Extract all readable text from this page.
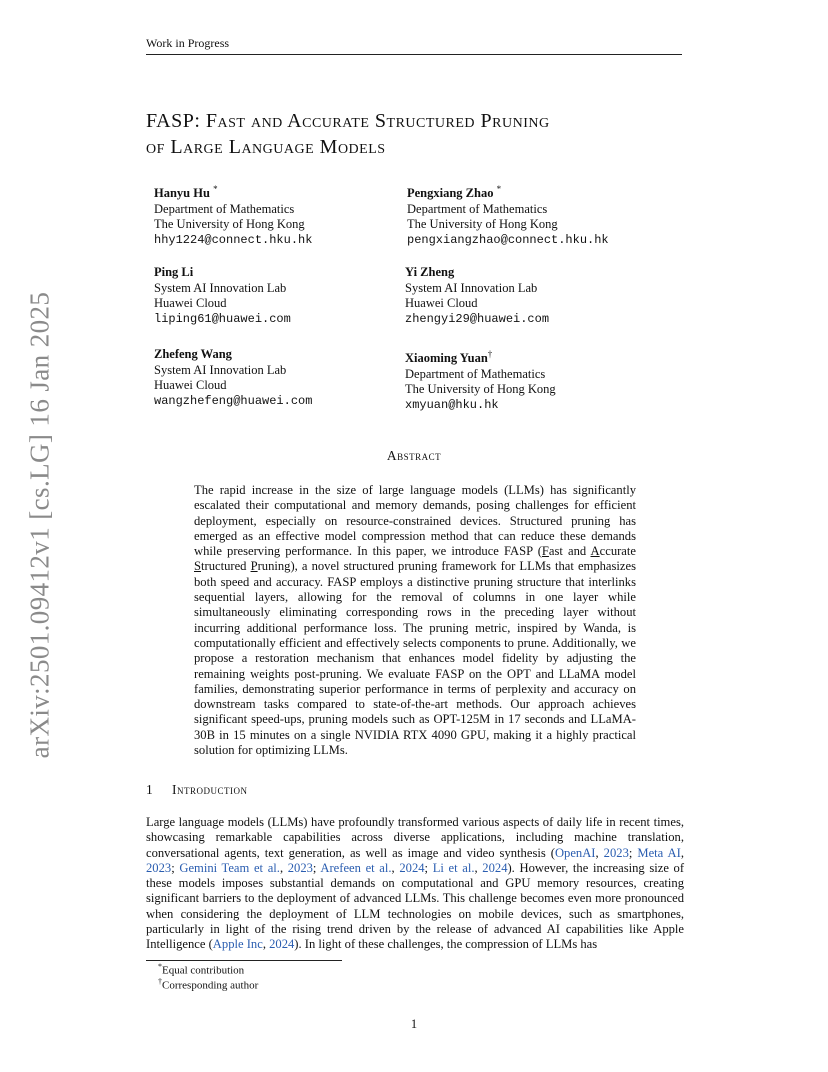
Work in Progress
arXiv:2501.09412v1 [cs.LG] 16 Jan 2025
FASP: Fast and Accurate Structured Pruning
of Large Language Models
Hanyu Hu *
Department of Mathematics
The University of Hong Kong
hhy1224@connect.hku.hk
Pengxiang Zhao *
Department of Mathematics
The University of Hong Kong
pengxiangzhao@connect.hku.hk
Ping Li
System AI Innovation Lab
Huawei Cloud
liping61@huawei.com
Yi Zheng
System AI Innovation Lab
Huawei Cloud
zhengyi29@huawei.com
Zhefeng Wang
System AI Innovation Lab
Huawei Cloud
wangzhefeng@huawei.com
Xiaoming Yuan†
Department of Mathematics
The University of Hong Kong
xmyuan@hku.hk
Abstract
The rapid increase in the size of large language models (LLMs) has significantly escalated their computational and memory demands, posing challenges for efficient deployment, especially on resource-constrained devices. Structured pruning has emerged as an effective model compression method that can reduce these demands while preserving performance. In this paper, we introduce FASP (Fast and Accurate Structured Pruning), a novel structured pruning framework for LLMs that emphasizes both speed and accuracy. FASP employs a distinctive pruning structure that interlinks sequential layers, allowing for the removal of columns in one layer while simultaneously eliminating corresponding rows in the preceding layer without incurring additional performance loss. The pruning metric, inspired by Wanda, is computationally efficient and effectively selects components to prune. Additionally, we propose a restoration mechanism that enhances model fidelity by adjusting the remaining weights post-pruning. We evaluate FASP on the OPT and LLaMA model families, demonstrating superior performance in terms of perplexity and accuracy on downstream tasks compared to state-of-the-art methods. Our approach achieves significant speed-ups, pruning models such as OPT-125M in 17 seconds and LLaMA-30B in 15 minutes on a single NVIDIA RTX 4090 GPU, making it a highly practical solution for optimizing LLMs.
1 Introduction
Large language models (LLMs) have profoundly transformed various aspects of daily life in recent times, showcasing remarkable capabilities across diverse applications, including machine translation, conversational agents, text generation, as well as image and video synthesis (OpenAI, 2023; Meta AI, 2023; Gemini Team et al., 2023; Arefeen et al., 2024; Li et al., 2024). However, the increasing size of these models imposes substantial demands on computational and GPU memory resources, creating significant barriers to the deployment of advanced LLMs. This challenge becomes even more pronounced when considering the deployment of LLM technologies on mobile devices, such as smartphones, particularly in light of the rising trend driven by the release of advanced AI capabilities like Apple Intelligence (Apple Inc, 2024). In light of these challenges, the compression of LLMs has
*Equal contribution
†Corresponding author
1
